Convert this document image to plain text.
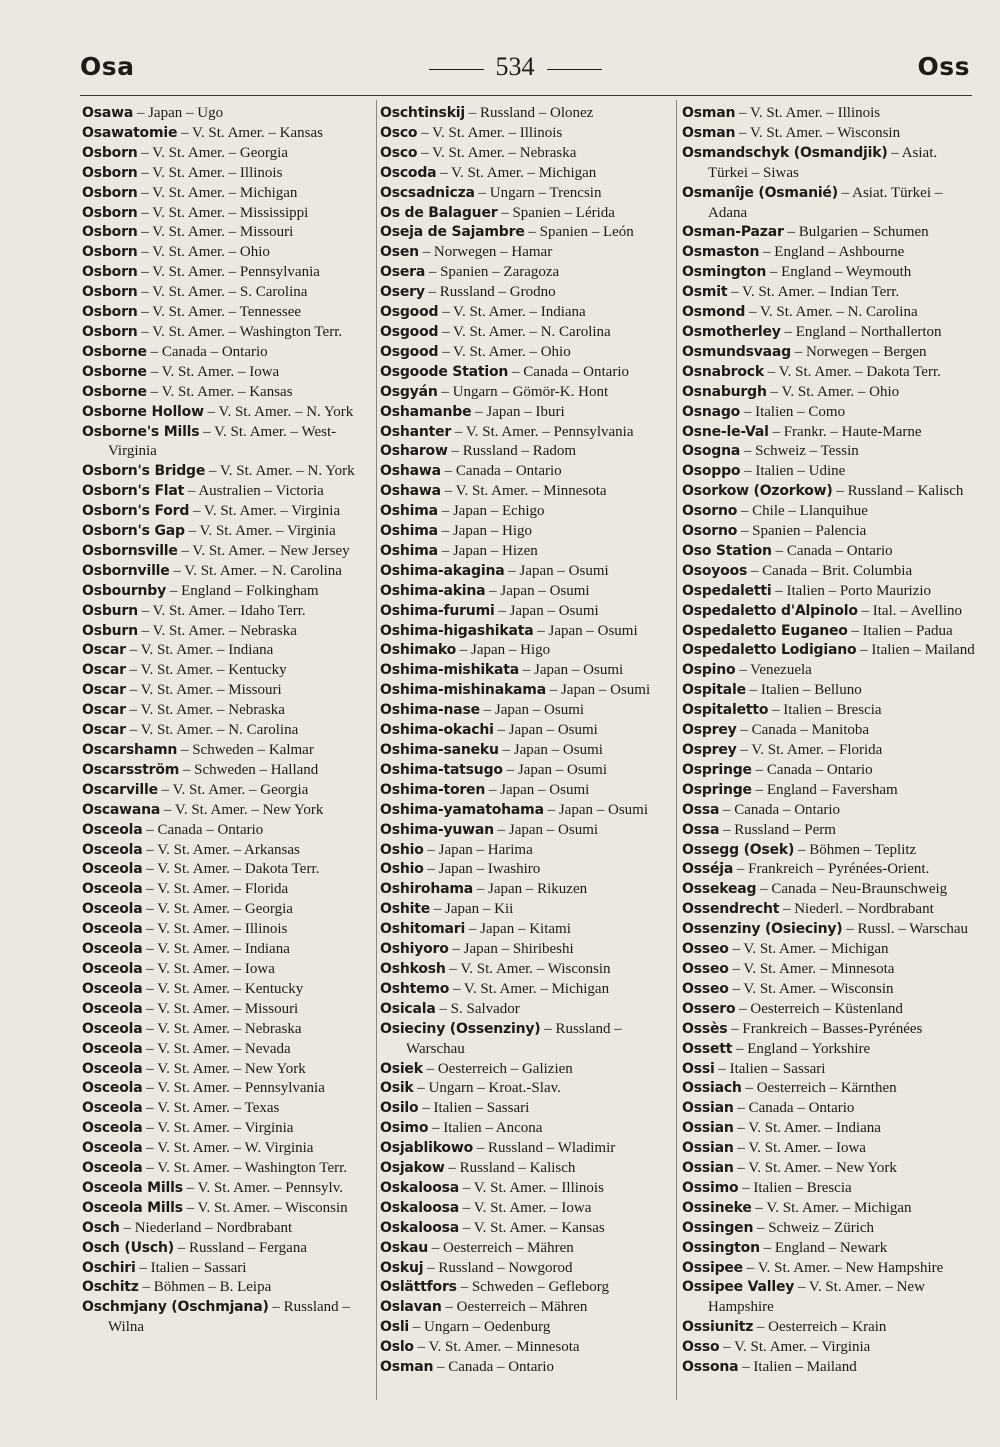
Osa	534	Oss
Osawa – Japan – Ugo
Osawatomie – V. St. Amer. – Kansas
Osborn – V. St. Amer. – Georgia
Osborn – V. St. Amer. – Illinois
Osborn – V. St. Amer. – Michigan
Osborn – V. St. Amer. – Mississippi
Osborn – V. St. Amer. – Missouri
Osborn – V. St. Amer. – Ohio
Osborn – V. St. Amer. – Pennsylvania
Osborn – V. St. Amer. – S. Carolina
Osborn – V. St. Amer. – Tennessee
Osborn – V. St. Amer. – Washington Terr.
Osborne – Canada – Ontario
Osborne – V. St. Amer. – Iowa
Osborne – V. St. Amer. – Kansas
Osborne Hollow – V. St. Amer. – N. York
Osborne's Mills – V. St. Amer. – West-Virginia
Osborn's Bridge – V. St. Amer. – N. York
Osborn's Flat – Australien – Victoria
Osborn's Ford – V. St. Amer. – Virginia
Osborn's Gap – V. St. Amer. – Virginia
Osbornsville – V. St. Amer. – New Jersey
Osbornville – V. St. Amer. – N. Carolina
Osbournby – England – Folkingham
Osburn – V. St. Amer. – Idaho Terr.
Osburn – V. St. Amer. – Nebraska
Oscar – V. St. Amer. – Indiana
Oscar – V. St. Amer. – Kentucky
Oscar – V. St. Amer. – Missouri
Oscar – V. St. Amer. – Nebraska
Oscar – V. St. Amer. – N. Carolina
Oscarshamn – Schweden – Kalmar
Oscarsström – Schweden – Halland
Oscarville – V. St. Amer. – Georgia
Oscawana – V. St. Amer. – New York
Osceola – Canada – Ontario
Osceola – V. St. Amer. – Arkansas
Osceola – V. St. Amer. – Dakota Terr.
Osceola – V. St. Amer. – Florida
Osceola – V. St. Amer. – Georgia
Osceola – V. St. Amer. – Illinois
Osceola – V. St. Amer. – Indiana
Osceola – V. St. Amer. – Iowa
Osceola – V. St. Amer. – Kentucky
Osceola – V. St. Amer. – Missouri
Osceola – V. St. Amer. – Nebraska
Osceola – V. St. Amer. – Nevada
Osceola – V. St. Amer. – New York
Osceola – V. St. Amer. – Pennsylvania
Osceola – V. St. Amer. – Texas
Osceola – V. St. Amer. – Virginia
Osceola – V. St. Amer. – W. Virginia
Osceola – V. St. Amer. – Washington Terr.
Osceola Mills – V. St. Amer. – Pennsylv.
Osceola Mills – V. St. Amer. – Wisconsin
Osch – Niederland – Nordbrabant
Osch (Usch) – Russland – Fergana
Oschiri – Italien – Sassari
Oschitz – Böhmen – B. Leipa
Oschmjany (Oschmjana) – Russland – Wilna
Oschtinskij – Russland – Olonez
Osco – V. St. Amer. – Illinois
Osco – V. St. Amer. – Nebraska
Oscoda – V. St. Amer. – Michigan
Oscsadnicza – Ungarn – Trencsin
Os de Balaguer – Spanien – Lérida
Oseja de Sajambre – Spanien – León
Osen – Norwegen – Hamar
Osera – Spanien – Zaragoza
Osery – Russland – Grodno
Osgood – V. St. Amer. – Indiana
Osgood – V. St. Amer. – N. Carolina
Osgood – V. St. Amer. – Ohio
Osgoode Station – Canada – Ontario
Osgyán – Ungarn – Gömör-K. Hont
Oshamanbe – Japan – Iburi
Oshanter – V. St. Amer. – Pennsylvania
Osharow – Russland – Radom
Oshawa – Canada – Ontario
Oshawa – V. St. Amer. – Minnesota
Oshima – Japan – Echigo
Oshima – Japan – Higo
Oshima – Japan – Hizen
Oshima-akagina – Japan – Osumi
Oshima-akina – Japan – Osumi
Oshima-furumi – Japan – Osumi
Oshima-higashikata – Japan – Osumi
Oshimako – Japan – Higo
Oshima-mishikata – Japan – Osumi
Oshima-mishinakama – Japan – Osumi
Oshima-nase – Japan – Osumi
Oshima-okachi – Japan – Osumi
Oshima-saneku – Japan – Osumi
Oshima-tatsugo – Japan – Osumi
Oshima-toren – Japan – Osumi
Oshima-yamatohama – Japan – Osumi
Oshima-yuwan – Japan – Osumi
Oshio – Japan – Harima
Oshio – Japan – Iwashiro
Oshirohama – Japan – Rikuzen
Oshite – Japan – Kii
Oshitomari – Japan – Kitami
Oshiyoro – Japan – Shiribeshi
Oshkosh – V. St. Amer. – Wisconsin
Oshtemo – V. St. Amer. – Michigan
Osicala – S. Salvador
Osieciny (Ossenziny) – Russland – Warschau
Osiek – Oesterreich – Galizien
Osik – Ungarn – Kroat.-Slav.
Osilo – Italien – Sassari
Osimo – Italien – Ancona
Osjablikowo – Russland – Wladimir
Osjakow – Russland – Kalisch
Oskaloosa – V. St. Amer. – Illinois
Oskaloosa – V. St. Amer. – Iowa
Oskaloosa – V. St. Amer. – Kansas
Oskau – Oesterreich – Mähren
Oskuj – Russland – Nowgorod
Oslättfors – Schweden – Gefleborg
Oslavan – Oesterreich – Mähren
Osli – Ungarn – Oedenburg
Oslo – V. St. Amer. – Minnesota
Osman – Canada – Ontario
Osman – V. St. Amer. – Illinois
Osman – V. St. Amer. – Wisconsin
Osmandschyk (Osmandjik) – Asiat. Türkei – Siwas
Osmanîje (Osmanié) – Asiat. Türkei – Adana
Osman-Pazar – Bulgarien – Schumen
Osmaston – England – Ashbourne
Osmington – England – Weymouth
Osmit – V. St. Amer. – Indian Terr.
Osmond – V. St. Amer. – N. Carolina
Osmotherley – England – Northallerton
Osmundsvaag – Norwegen – Bergen
Osnabrock – V. St. Amer. – Dakota Terr.
Osnaburgh – V. St. Amer. – Ohio
Osnago – Italien – Como
Osne-le-Val – Frankr. – Haute-Marne
Osogna – Schweiz – Tessin
Osoppo – Italien – Udine
Osorkow (Ozorkow) – Russland – Kalisch
Osorno – Chile – Llanquihue
Osorno – Spanien – Palencia
Oso Station – Canada – Ontario
Osoyoos – Canada – Brit. Columbia
Ospedaletti – Italien – Porto Maurizio
Ospedaletto d'Alpinolo – Ital. – Avellino
Ospedaletto Euganeo – Italien – Padua
Ospedaletto Lodigiano – Italien – Mailand
Ospino – Venezuela
Ospitale – Italien – Belluno
Ospitaletto – Italien – Brescia
Osprey – Canada – Manitoba
Osprey – V. St. Amer. – Florida
Ospringe – Canada – Ontario
Ospringe – England – Faversham
Ossa – Canada – Ontario
Ossa – Russland – Perm
Ossegg (Osek) – Böhmen – Teplitz
Osséja – Frankreich – Pyrénées-Orient.
Ossekeag – Canada – Neu-Braunschweig
Ossendrecht – Niederl. – Nordbrabant
Ossenziny (Osieciny) – Russl. – Warschau
Osseo – V. St. Amer. – Michigan
Osseo – V. St. Amer. – Minnesota
Osseo – V. St. Amer. – Wisconsin
Ossero – Oesterreich – Küstenland
Ossès – Frankreich – Basses-Pyrénées
Ossett – England – Yorkshire
Ossi – Italien – Sassari
Ossiach – Oesterreich – Kärnthen
Ossian – Canada – Ontario
Ossian – V. St. Amer. – Indiana
Ossian – V. St. Amer. – Iowa
Ossian – V. St. Amer. – New York
Ossimo – Italien – Brescia
Ossineke – V. St. Amer. – Michigan
Ossingen – Schweiz – Zürich
Ossington – England – Newark
Ossipee – V. St. Amer. – New Hampshire
Ossipee Valley – V. St. Amer. – New Hampshire
Ossiunitz – Oesterreich – Krain
Osso – V. St. Amer. – Virginia
Ossona – Italien – Mailand
